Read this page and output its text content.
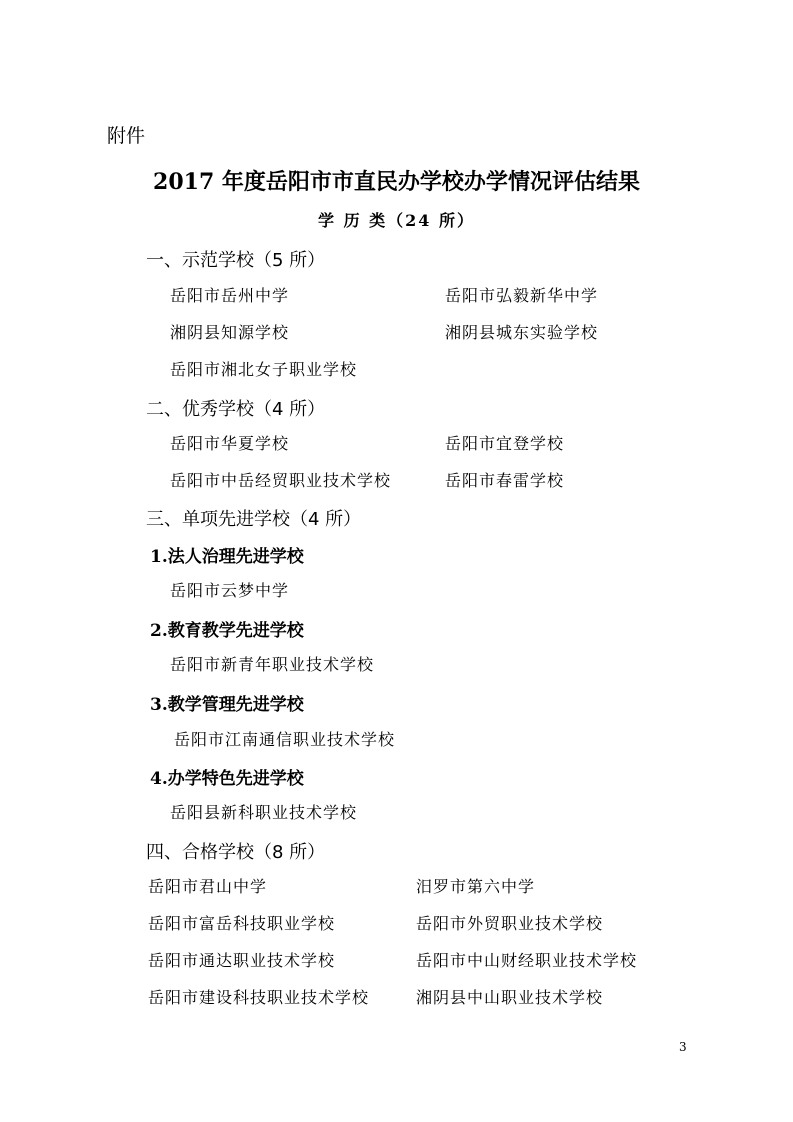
附件
2017 年度岳阳市市直民办学校办学情况评估结果
学 历 类（24 所）
一、示范学校（5 所）
岳阳市岳州中学	岳阳市弘毅新华中学
湘阴县知源学校	湘阴县城东实验学校
岳阳市湘北女子职业学校
二、优秀学校（4 所）
岳阳市华夏学校	岳阳市宜登学校
岳阳市中岳经贸职业技术学校	岳阳市春雷学校
三、单项先进学校（4 所）
1.法人治理先进学校
岳阳市云梦中学
2.教育教学先进学校
岳阳市新青年职业技术学校
3.教学管理先进学校
岳阳市江南通信职业技术学校
4.办学特色先进学校
岳阳县新科职业技术学校
四、合格学校（8 所）
岳阳市君山中学	汨罗市第六中学
岳阳市富岳科技职业学校	岳阳市外贸职业技术学校
岳阳市通达职业技术学校	岳阳市中山财经职业技术学校
岳阳市建设科技职业技术学校	湘阴县中山职业技术学校
3
